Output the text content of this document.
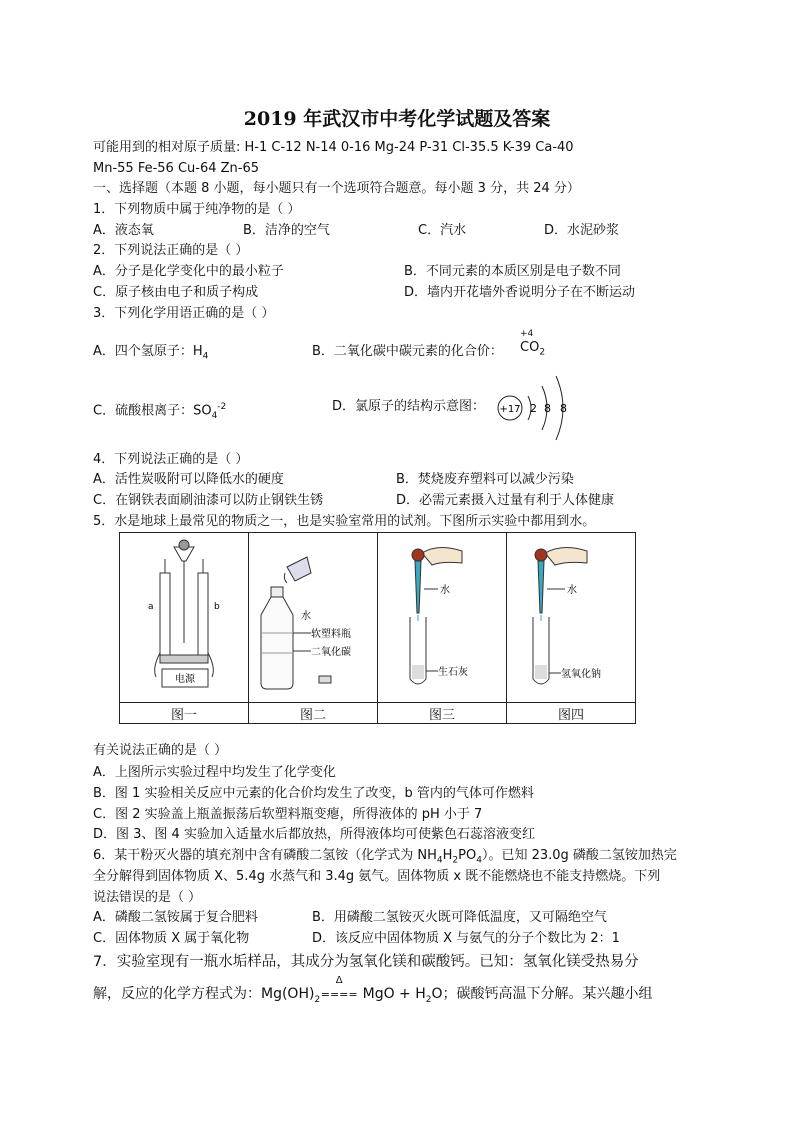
2019 年武汉市中考化学试题及答案
可能用到的相对原子质量: H-1 C-12 N-14 0-16 Mg-24 P-31 Cl-35.5 K-39 Ca-40
Mn-55 Fe-56 Cu-64 Zn-65
一、选择题（本题 8 小题，每小题只有一个选项符合题意。每小题 3 分，共 24 分）
1．下列物质中属于纯净物的是（ ）
A．液态氧	B．洁净的空气	C．汽水	D．水泥砂浆
2．下列说法正确的是（ ）
A．分子是化学变化中的最小粒子	B．不同元素的本质区别是电子数不同
C．原子核由电子和质子构成	D．墙内开花墙外香说明分子在不断运动
3．下列化学用语正确的是（ ）
A．四个氢原子：$H_4$	B．二氧化碳中碳元素的化合价：
+4
$CO_2$
C．硫酸根离子：$SO_4^{-2}$	D．氯原子的结构示意图： +17 2 8 8
4．下列说法正确的是（ ）
A．活性炭吸附可以降低水的硬度	B．焚烧废弃塑料可以减少污染
C．在钢铁表面刷油漆可以防止钢铁生锈	D．必需元素摄入过量有利于人体健康
5．水是地球上最常见的物质之一，也是实验室常用的试剂。下图所示实验中都用到水。
a b
电源	水
软塑料瓶
二氧化碳	水
生石灰	水
氢氧化钠

图一	图二	图三	图四
有关说法正确的是（ ）
A．上图所示实验过程中均发生了化学变化
B．图 1 实验相关反应中元素的化合价均发生了改变，b 管内的气体可作燃料
C．图 2 实验盖上瓶盖振荡后软塑料瓶变瘪，所得液体的 pH 小于 7
D．图 3、图 4 实验加入适量水后都放热，所得液体均可使紫色石蕊溶液变红
6．某干粉灭火器的填充剂中含有磷酸二氢铵（化学式为 $NH_4H_2PO_4$）。已知 23.0g 磷酸二氢铵加热完
全分解得到固体物质 X、5.4g 水蒸气和 3.4g 氨气。固体物质 x 既不能燃烧也不能支持燃烧。下列
说法错误的是（ ）
A．磷酸二氢铵属于复合肥料	B．用磷酸二氢铵灭火既可降低温度，又可隔绝空气
C．固体物质 X 属于氧化物	D．该反应中固体物质 X 与氨气的分子个数比为 2：1
7．实验室现有一瓶水垢样品，其成分为氢氧化镁和碳酸钙。已知：氢氧化镁受热易分
解，反应的化学方程式为：$Mg(OH)_2$
Δ
==== MgO + $H_2O$；碳酸钙高温下分解。某兴趣小组
